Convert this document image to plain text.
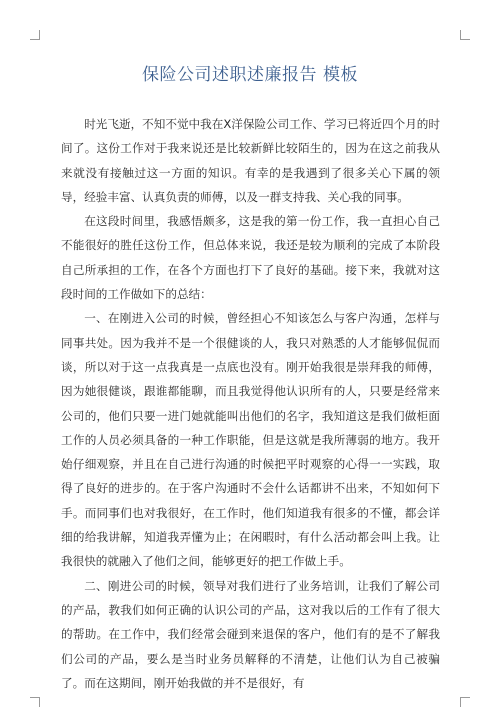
保险公司述职述廉报告 模板

时光飞逝，不知不觉中我在X洋保险公司工作、学习已将近四个月的时间了。这份工作对于我来说还是比较新鲜比较陌生的，因为在这之前我从来就没有接触过这一方面的知识。有幸的是我遇到了很多关心下属的领导，经验丰富、认真负责的师傅，以及一群支持我、关心我的同事。

在这段时间里，我感悟颇多，这是我的第一份工作，我一直担心自己不能很好的胜任这份工作，但总体来说，我还是较为顺利的完成了本阶段自己所承担的工作，在各个方面也打下了良好的基础。接下来，我就对这段时间的工作做如下的总结：

一、在刚进入公司的时候，曾经担心不知该怎么与客户沟通，怎样与同事共处。因为我并不是一个很健谈的人，我只对熟悉的人才能够侃侃而谈，所以对于这一点我真是一点底也没有。刚开始我很是崇拜我的师傅，因为她很健谈，跟谁都能聊，而且我觉得他认识所有的人，只要是经常来公司的，他们只要一进门她就能叫出他们的名字，我知道这是我们做柜面工作的人员必须具备的一种工作职能，但是这就是我所薄弱的地方。我开始仔细观察，并且在自己进行沟通的时候把平时观察的心得一一实践，取得了良好的进步的。在于客户沟通时不会什么话都讲不出来，不知如何下手。而同事们也对我很好，在工作时，他们知道我有很多的不懂，都会详细的给我讲解，知道我弄懂为止；在闲暇时，有什么活动都会叫上我。让我很快的就融入了他们之间，能够更好的把工作做上手。

二、刚进公司的时候，领导对我们进行了业务培训，让我们了解公司的产品，教我们如何正确的认识公司的产品，这对我以后的工作有了很大的帮助。在工作中，我们经常会碰到来退保的客户，他们有的是不了解我们公司的产品，要么是当时业务员解释的不清楚，让他们认为自己被骗了。而在这期间，刚开始我做的并不是很好，有
